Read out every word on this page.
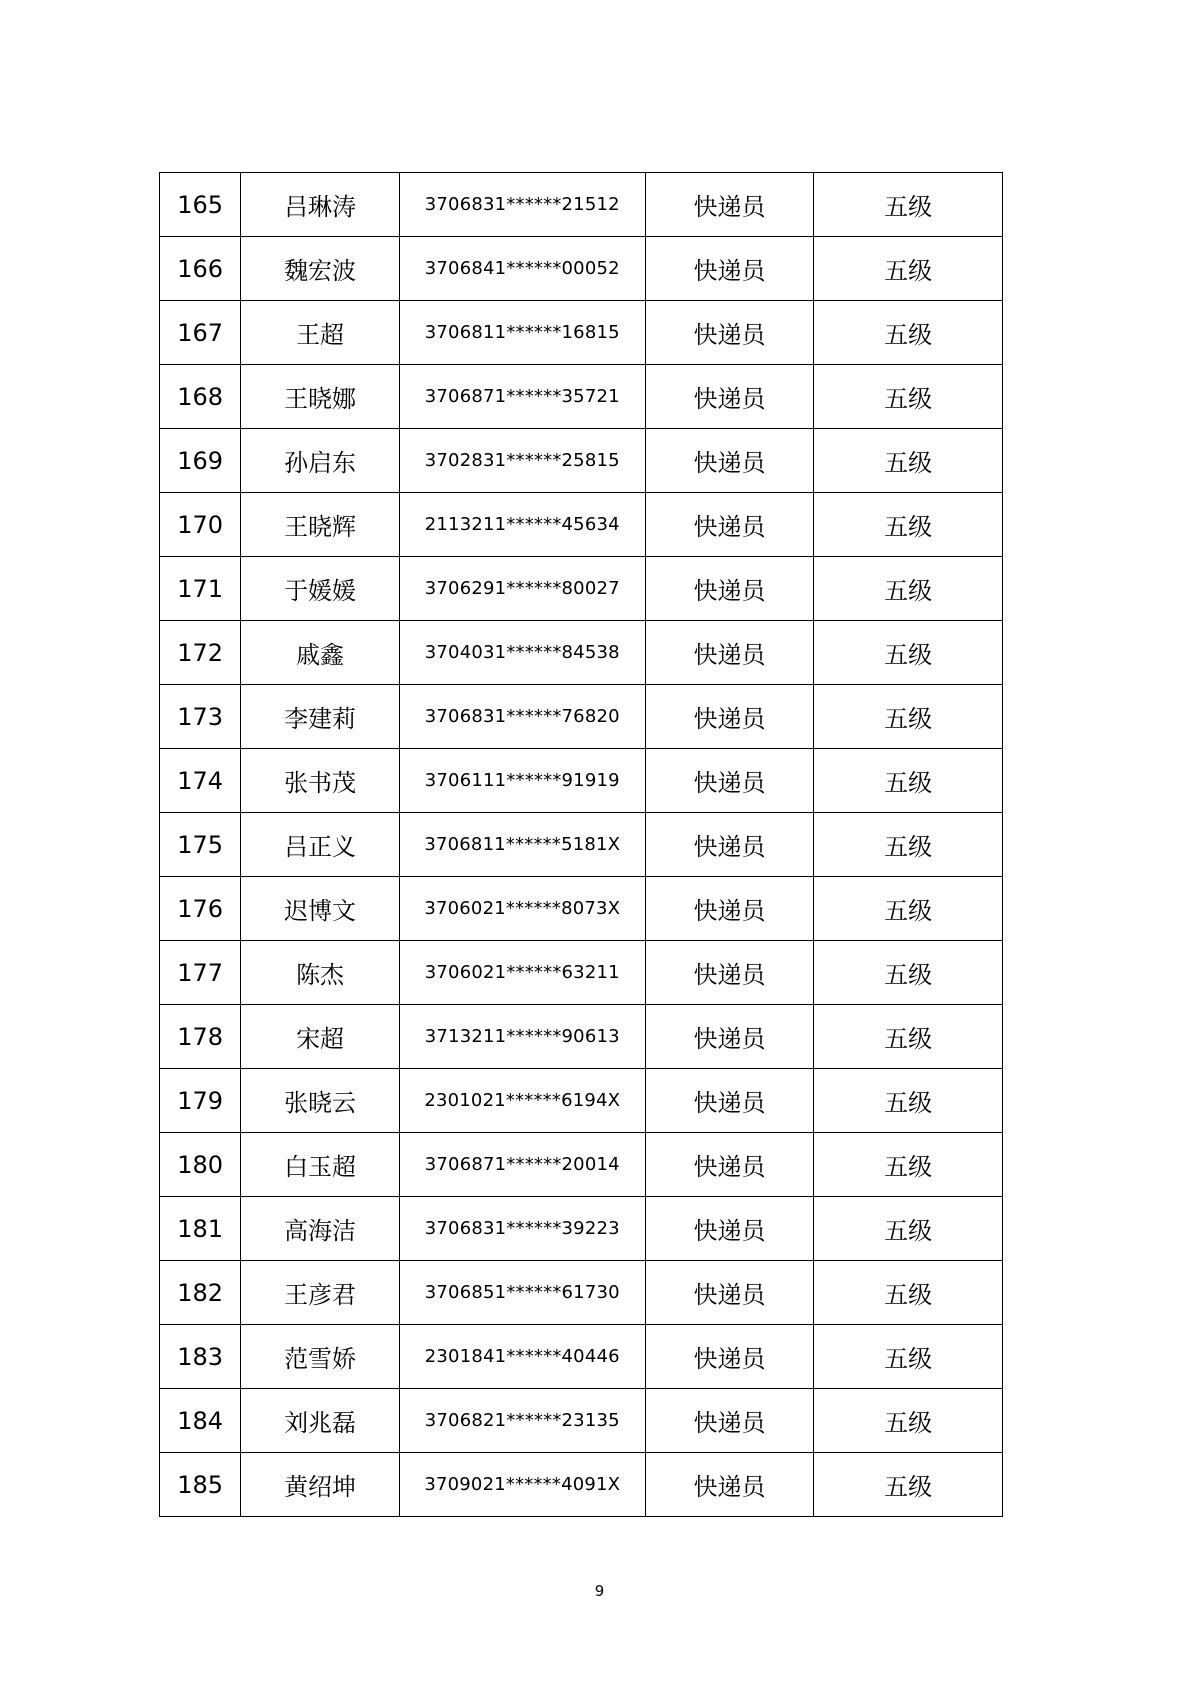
165	吕琳涛	3706831******21512	快递员	五级
166	魏宏波	3706841******00052	快递员	五级
167	王超	3706811******16815	快递员	五级
168	王晓娜	3706871******35721	快递员	五级
169	孙启东	3702831******25815	快递员	五级
170	王晓辉	2113211******45634	快递员	五级
171	于媛媛	3706291******80027	快递员	五级
172	戚鑫	3704031******84538	快递员	五级
173	李建莉	3706831******76820	快递员	五级
174	张书茂	3706111******91919	快递员	五级
175	吕正义	3706811******5181X	快递员	五级
176	迟博文	3706021******8073X	快递员	五级
177	陈杰	3706021******63211	快递员	五级
178	宋超	3713211******90613	快递员	五级
179	张晓云	2301021******6194X	快递员	五级
180	白玉超	3706871******20014	快递员	五级
181	高海洁	3706831******39223	快递员	五级
182	王彦君	3706851******61730	快递员	五级
183	范雪娇	2301841******40446	快递员	五级
184	刘兆磊	3706821******23135	快递员	五级
185	黄绍坤	3709021******4091X	快递员	五级
9
